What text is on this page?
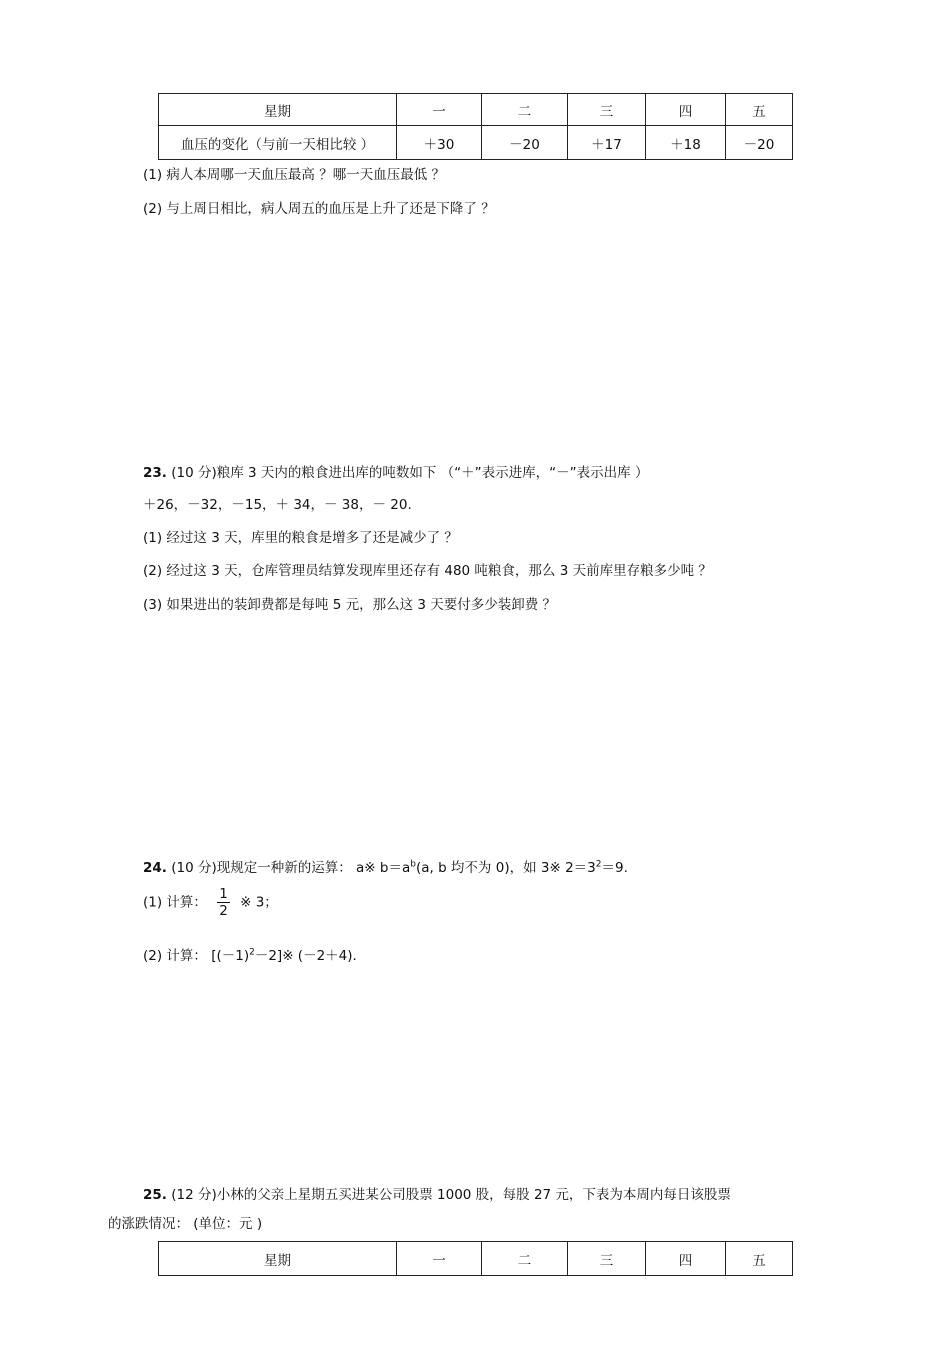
星期	一	二	三	四	五
血压的变化（与前一天相比较 ）	＋30	－20	＋17	＋18	－20
(1) 病人本周哪一天血压最高 ？哪一天血压最低 ？
(2) 与上周日相比，病人周五的血压是上升了还是下降了 ？
23. (10 分)粮库 3 天内的粮食进出库的吨数如下 （“＋”表示进库，“－”表示出库 ）
＋26，－32，－15，＋ 34，－ 38，－ 20.
(1) 经过这 3 天，库里的粮食是增多了还是减少了 ？
(2) 经过这 3 天，仓库管理员结算发现库里还存有 480 吨粮食，那么 3 天前库里存粮多少吨 ？
(3) 如果进出的装卸费都是每吨 5 元，那么这 3 天要付多少装卸费 ？
24. (10 分)现规定一种新的运算： a※ $b=a^b(a$, b 均不为 0)，如 3※ $2=3^2=9$.
(1) 计算： $\frac{1}{2}$ ※ 3；
(2) 计算： $[(-1)^2-2]※$ (－2＋4).
25. (12 分)小林的父亲上星期五买进某公司股票 1000 股，每股 27 元，下表为本周内每日该股票
的涨跌情况： (单位：元 )
星期	一	二	三	四	五
